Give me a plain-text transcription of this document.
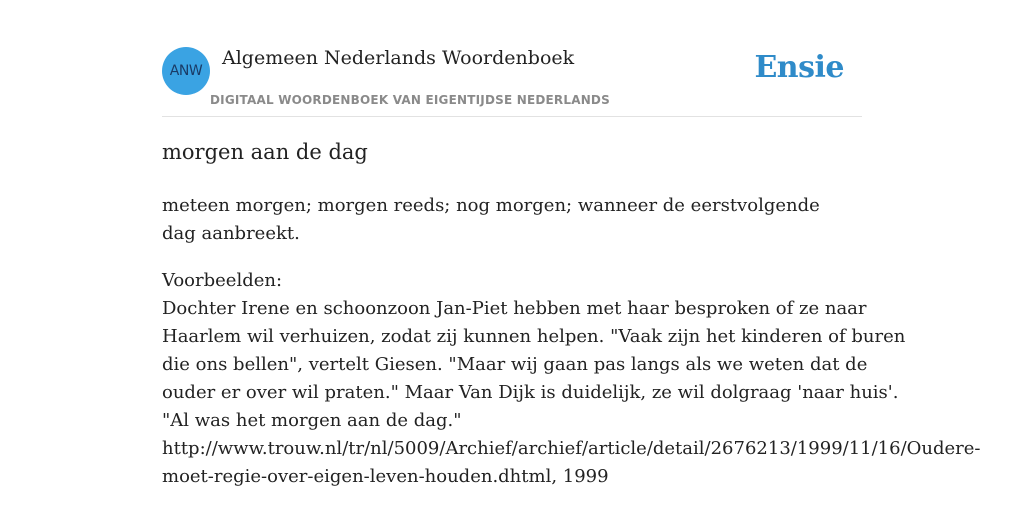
ANW
Algemeen Nederlands Woordenboek
DIGITAAL WOORDENBOEK VAN EIGENTIJDSE NEDERLANDS
Ensie
morgen aan de dag

meteen morgen; morgen reeds; nog morgen; wanneer de eerstvolgende dag aanbreekt.

Voorbeelden:
Dochter Irene en schoonzoon Jan-Piet hebben met haar besproken of ze naar
Haarlem wil verhuizen, zodat zij kunnen helpen. "Vaak zijn het kinderen of buren
die ons bellen", vertelt Giesen. "Maar wij gaan pas langs als we weten dat de
ouder er over wil praten." Maar Van Dijk is duidelijk, ze wil dolgraag 'naar huis'.
"Al was het morgen aan de dag."
http://www.trouw.nl/tr/nl/5009/Archief/archief/article/detail/2676213/1999/11/16/Oudere-
moet-regie-over-eigen-leven-houden.dhtml, 1999
